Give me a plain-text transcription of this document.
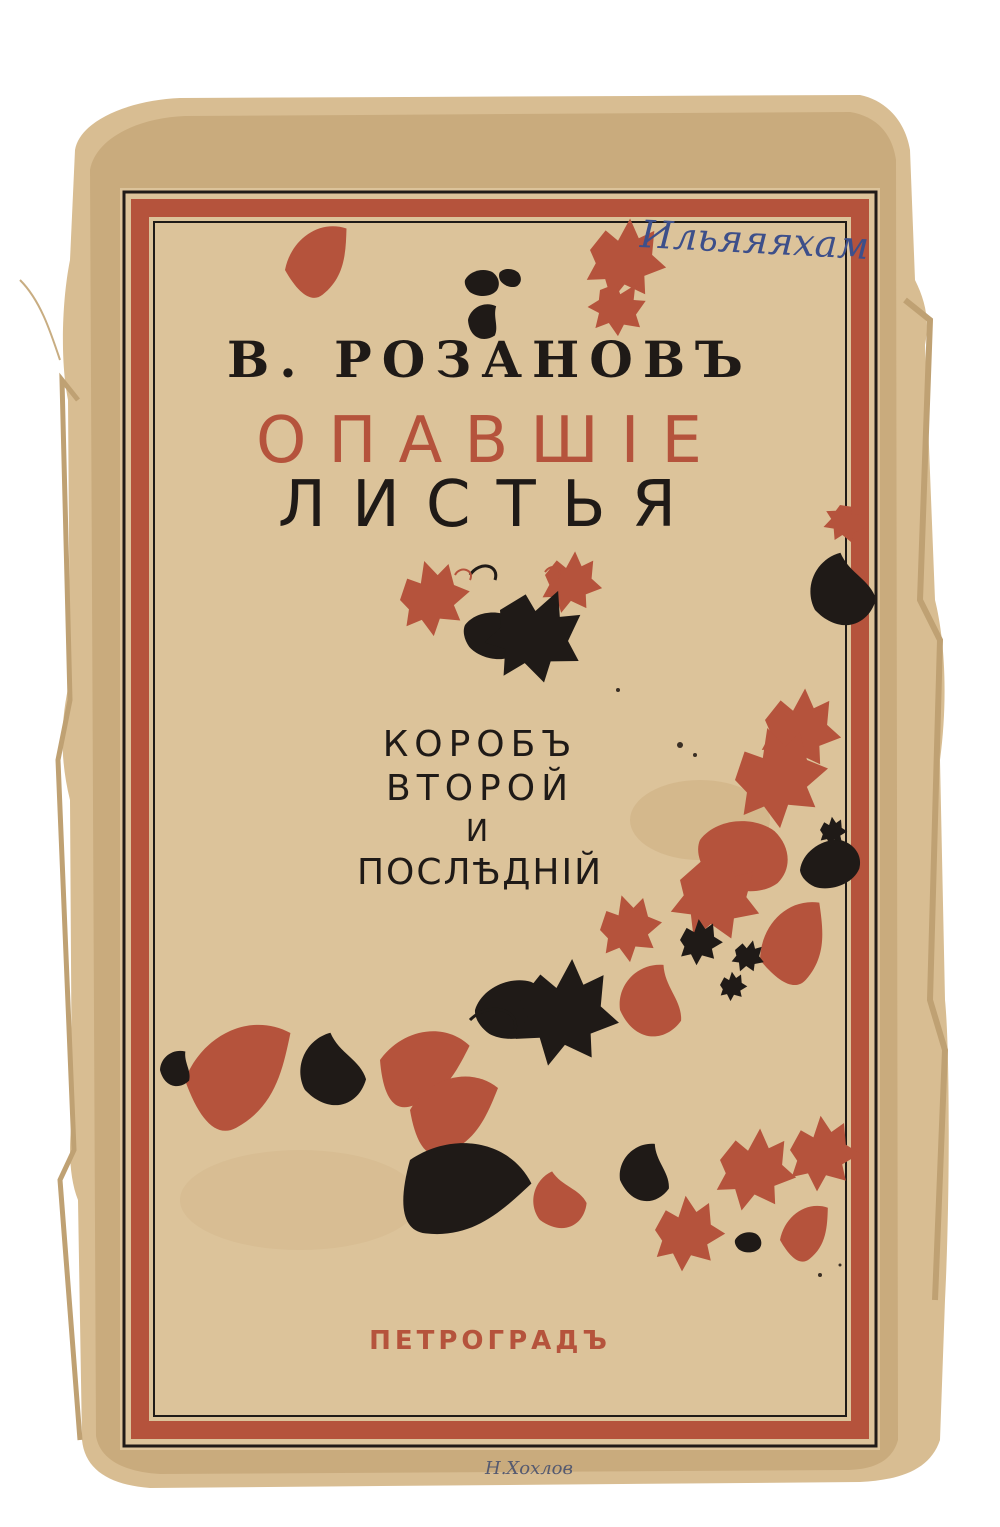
В. РОЗАНОВЪ
ОПАВШІЕ
ЛИСТЬЯ
КОРОБЪ
ВТОРОЙ
И
ПОСЛѢДНІЙ
ПЕТРОГРАДЪ
Ильяяяхам
Н.Хохлов
